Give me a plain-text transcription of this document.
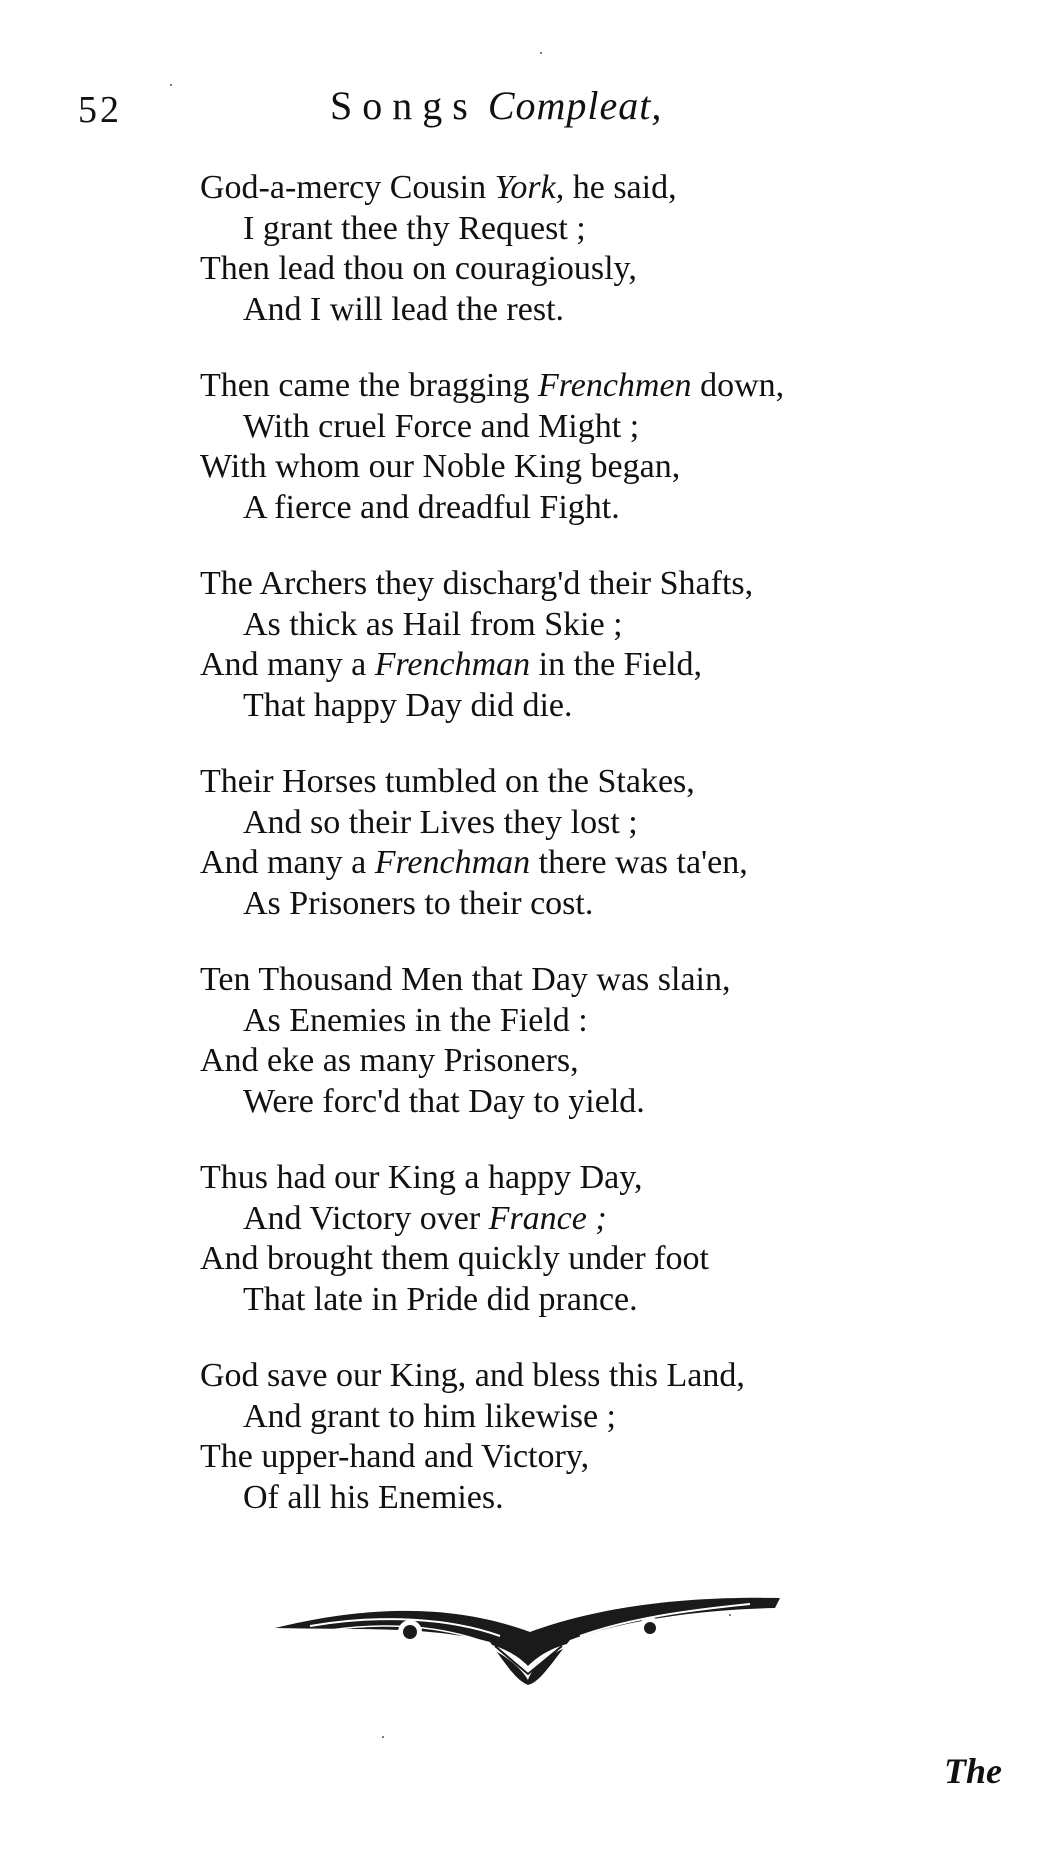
52	Songs Compleat,
God-a-mercy Cousin York, he said,
I grant thee thy Request ;
Then lead thou on couragiously,
And I will lead the rest.
Then came the bragging Frenchmen down,
With cruel Force and Might ;
With whom our Noble King began,
A fierce and dreadful Fight.
The Archers they discharg'd their Shafts,
As thick as Hail from Skie ;
And many a Frenchman in the Field,
That happy Day did die.
Their Horses tumbled on the Stakes,
And so their Lives they lost ;
And many a Frenchman there was ta'en,
As Prisoners to their cost.
Ten Thousand Men that Day was slain,
As Enemies in the Field :
And eke as many Prisoners,
Were forc'd that Day to yield.
Thus had our King a happy Day,
And Victory over France ;
And brought them quickly under foot
That late in Pride did prance.
God save our King, and bless this Land,
And grant to him likewise ;
The upper-hand and Victory,
Of all his Enemies.
The
